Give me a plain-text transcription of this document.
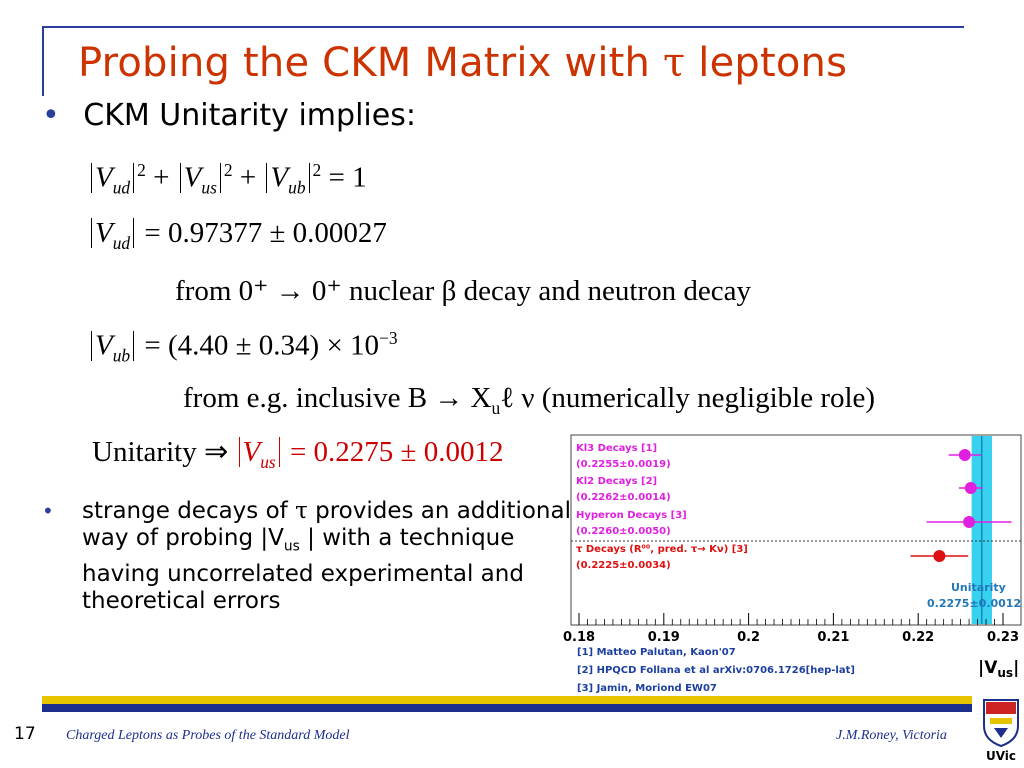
Probing the CKM Matrix with τ leptons
• CKM Unitarity implies:
$V_{ud}^2 + V_{us}^2 + V_{ub}^2 = 1$
$V_{ud} = 0.97377 \pm 0.00027$
from 0⁺ → 0⁺ nuclear β decay and neutron decay
$V_{ub} = (4.40 \pm 0.34) \times 10^{-3}$
from e.g. inclusive $B \to X_u\ell$ ν (numerically negligible role)
Unitarity ⇒ $V_{us} = 0.2275 \pm 0.0012$
• strange decays of τ provides an additional way of probing $|V_{us}$ | with a technique having uncorrelated experimental and theoretical errors
Kl3 Decays [1]
(0.2255±0.0019)
Kl2 Decays [2]
(0.2262±0.0014)
Hyperon Decays [3]
(0.2260±0.0050)
τ Decays (R⁰⁰, pred. τ→ Kν) [3]
(0.2225±0.0034)
Unitarity
0.2275±0.0012
0.18	0.19	0.2	0.21	0.22	0.23
[1] Matteo Palutan, Kaon'07
[2] HPQCD Follana et al arXiv:0706.1726[hep-lat]
[3] Jamin, Moriond EW07
$|V_{us}|$
17 Charged Leptons as Probes of the Standard Model	J.M.Roney, Victoria
UVic
